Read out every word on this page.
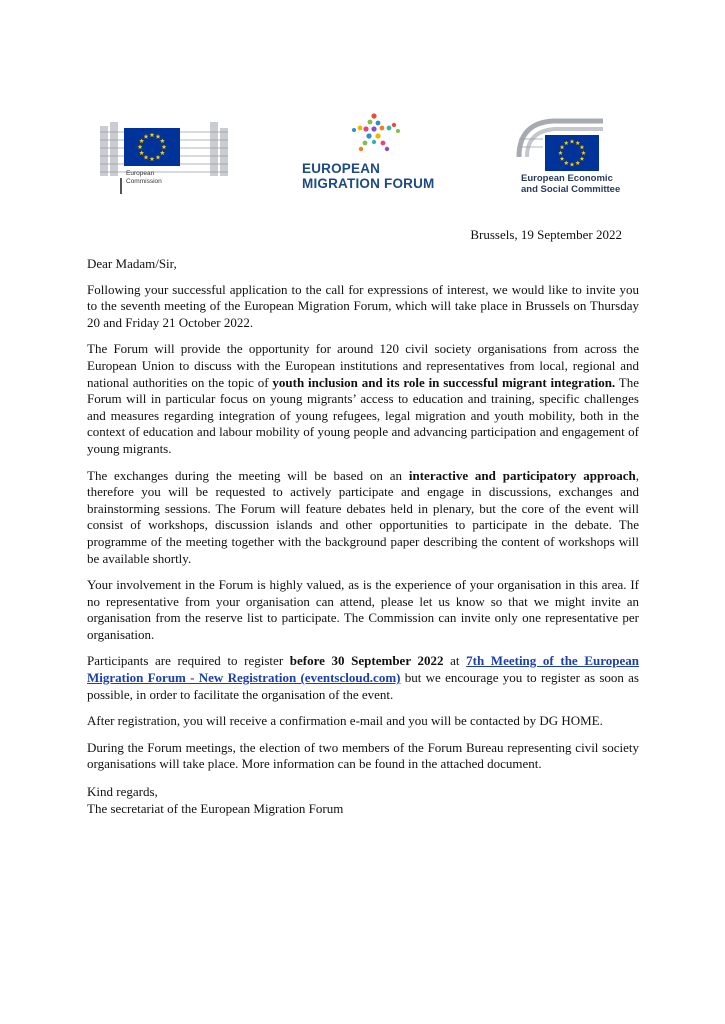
European
Commission
EUROPEAN
MIGRATION FORUM	European Economic
and Social Committee
Brussels, 19 September 2022

Dear Madam/Sir,

Following your successful application to the call for expressions of interest, we would like to invite you to the seventh meeting of the European Migration Forum, which will take place in Brussels on Thursday 20 and Friday 21 October 2022.

The Forum will provide the opportunity for around 120 civil society organisations from across the European Union to discuss with the European institutions and representatives from local, regional and national authorities on the topic of youth inclusion and its role in successful migrant integration. The Forum will in particular focus on young migrants’ access to education and training, specific challenges and measures regarding integration of young refugees, legal migration and youth mobility, both in the context of education and labour mobility of young people and advancing participation and engagement of young migrants.

The exchanges during the meeting will be based on an interactive and participatory approach, therefore you will be requested to actively participate and engage in discussions, exchanges and brainstorming sessions. The Forum will feature debates held in plenary, but the core of the event will consist of workshops, discussion islands and other opportunities to participate in the debate. The programme of the meeting together with the background paper describing the content of workshops will be available shortly.

Your involvement in the Forum is highly valued, as is the experience of your organisation in this area. If no representative from your organisation can attend, please let us know so that we might invite an organisation from the reserve list to participate. The Commission can invite only one representative per organisation.

Participants are required to register before 30 September 2022 at 7th Meeting of the European Migration Forum - New Registration (eventscloud.com) but we encourage you to register as soon as possible, in order to facilitate the organisation of the event.

After registration, you will receive a confirmation e-mail and you will be contacted by DG HOME.

During the Forum meetings, the election of two members of the Forum Bureau representing civil society organisations will take place. More information can be found in the attached document.

Kind regards,
The secretariat of the European Migration Forum
